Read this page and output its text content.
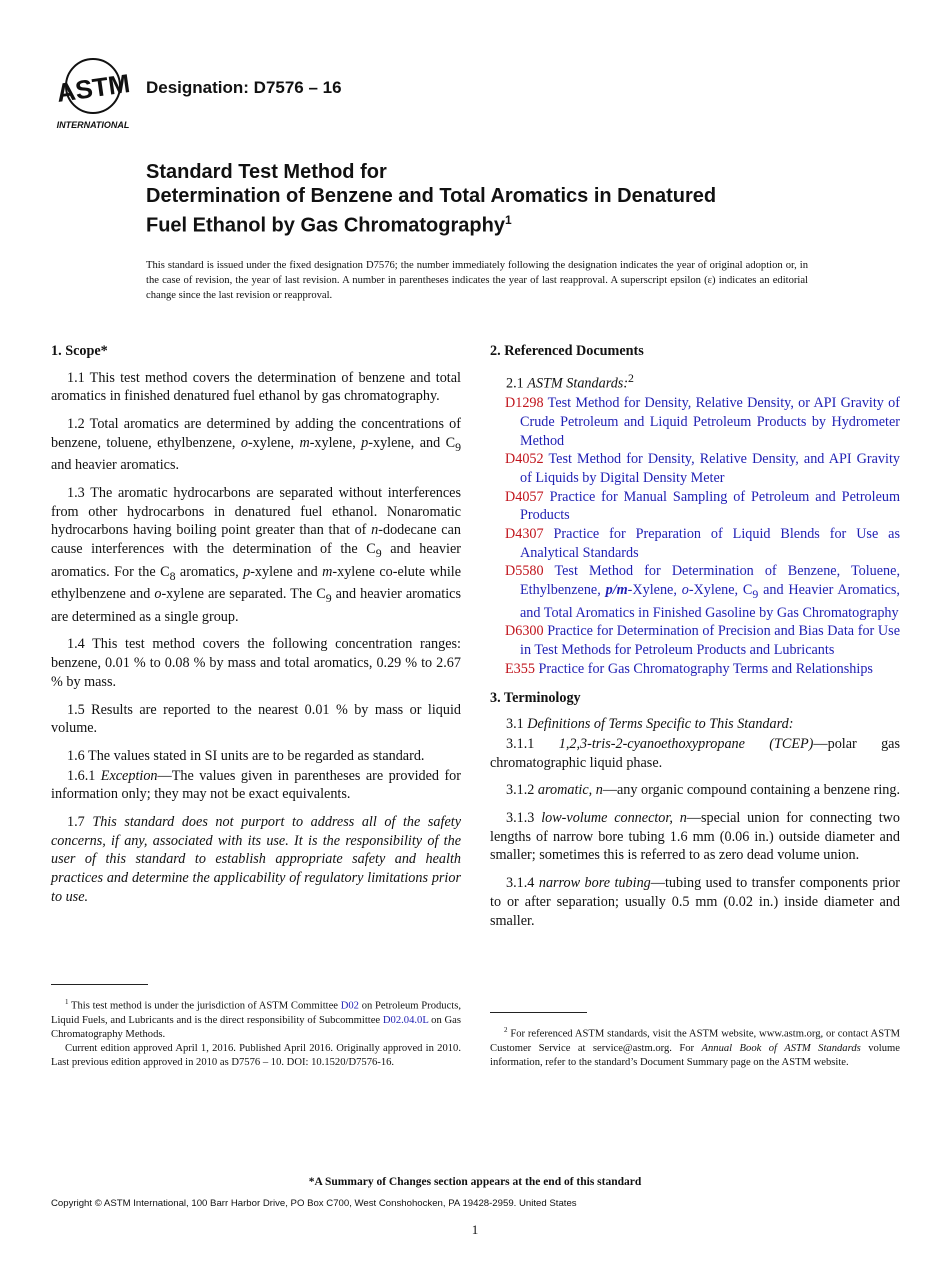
ASTM
INTERNATIONAL
Designation: D7576 – 16
Standard Test Method for
Determination of Benzene and Total Aromatics in Denatured
Fuel Ethanol by Gas Chromatography$^1$
This standard is issued under the fixed designation D7576; the number immediately following the designation indicates the year of original adoption or, in the case of revision, the year of last revision. A number in parentheses indicates the year of last reapproval. A superscript epsilon (ε) indicates an editorial change since the last revision or reapproval.
1. Scope*

1.1 This test method covers the determination of benzene and total aromatics in finished denatured fuel ethanol by gas chromatography.

1.2 Total aromatics are determined by adding the concentrations of benzene, toluene, ethylbenzene, o-xylene, m-xylene, p-xylene, and $C_9$ and heavier aromatics.

1.3 The aromatic hydrocarbons are separated without interferences from other hydrocarbons in denatured fuel ethanol. Nonaromatic hydrocarbons having boiling point greater than that of n-dodecane can cause interferences with the determination of the $C_9$ and heavier aromatics. For the $C_8$ aromatics, p-xylene and m-xylene co-elute while ethylbenzene and o-xylene are separated. The $C_9$ and heavier aromatics are determined as a single group.

1.4 This test method covers the following concentration ranges: benzene, 0.01 % to 0.08 % by mass and total aromatics, 0.29 % to 2.67 % by mass.

1.5 Results are reported to the nearest 0.01 % by mass or liquid volume.

1.6 The values stated in SI units are to be regarded as standard.

1.6.1 Exception—The values given in parentheses are provided for information only; they may not be exact equivalents.

1.7 This standard does not purport to address all of the safety concerns, if any, associated with its use. It is the responsibility of the user of this standard to establish appropriate safety and health practices and determine the applicability of regulatory limitations prior to use.

2. Referenced Documents

2.1 ASTM Standards:$^2$

D1298 Test Method for Density, Relative Density, or API Gravity of Crude Petroleum and Liquid Petroleum Products by Hydrometer Method
D4052 Test Method for Density, Relative Density, and API Gravity of Liquids by Digital Density Meter
D4057 Practice for Manual Sampling of Petroleum and Petroleum Products
D4307 Practice for Preparation of Liquid Blends for Use as Analytical Standards
D5580 Test Method for Determination of Benzene, Toluene, Ethylbenzene, p/m-Xylene, o-Xylene, $C_9$ and Heavier Aromatics, and Total Aromatics in Finished Gasoline by Gas Chromatography
D6300 Practice for Determination of Precision and Bias Data for Use in Test Methods for Petroleum Products and Lubricants
E355 Practice for Gas Chromatography Terms and Relationships
3. Terminology

3.1 Definitions of Terms Specific to This Standard:

3.1.1 1,2,3-tris-2-cyanoethoxypropane (TCEP)—polar gas chromatographic liquid phase.

3.1.2 aromatic, n—any organic compound containing a benzene ring.

3.1.3 low-volume connector, n—special union for connecting two lengths of narrow bore tubing 1.6 mm (0.06 in.) outside diameter and smaller; sometimes this is referred to as zero dead volume union.

3.1.4 narrow bore tubing—tubing used to transfer components prior to or after separation; usually 0.5 mm (0.02 in.) inside diameter and smaller.

$^1$ This test method is under the jurisdiction of ASTM Committee D02 on Petroleum Products, Liquid Fuels, and Lubricants and is the direct responsibility of Subcommittee D02.04.0L on Gas Chromatography Methods.

Current edition approved April 1, 2016. Published April 2016. Originally approved in 2010. Last previous edition approved in 2010 as D7576 – 10. DOI: 10.1520/D7576-16.

$^2$ For referenced ASTM standards, visit the ASTM website, www.astm.org, or contact ASTM Customer Service at service@astm.org. For Annual Book of ASTM Standards volume information, refer to the standard’s Document Summary page on the ASTM website.

*A Summary of Changes section appears at the end of this standard
Copyright © ASTM International, 100 Barr Harbor Drive, PO Box C700, West Conshohocken, PA 19428-2959. United States
1
